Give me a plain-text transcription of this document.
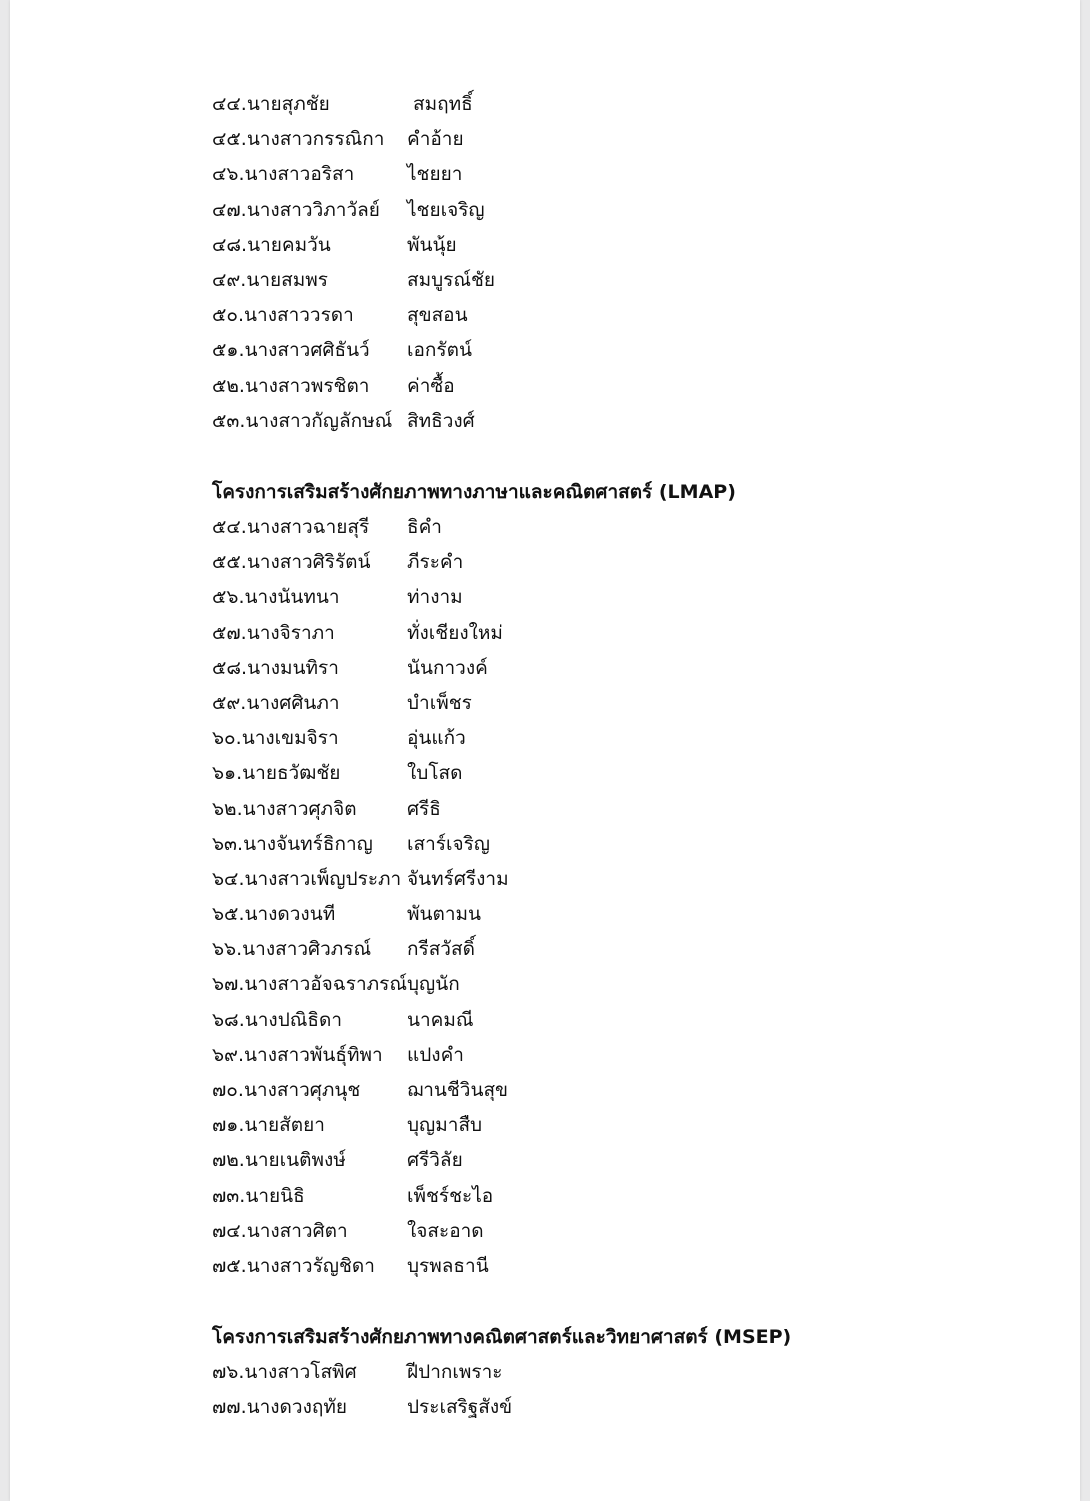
๔๔.นายสุภชัย	สมฤทธิ์
๔๕.นางสาวกรรณิกา คำอ้าย
๔๖.นางสาวอริสา	ไชยยา
๔๗.นางสาววิภาวัลย์ ไชยเจริญ
๔๘.นายคมวัน	พันนุ้ย
๔๙.นายสมพร	สมบูรณ์ชัย
๕๐.นางสาววรดา	สุขสอน
๕๑.นางสาวศศิธันว์ เอกรัตน์
๕๒.นางสาวพรชิตา ค่าซื้อ
๕๓.นางสาวกัญลักษณ์ สิทธิวงศ์
โครงการเสริมสร้างศักยภาพทางภาษาและคณิตศาสตร์ (LMAP)
๕๔.นางสาวฉายสุรี ธิคำ
๕๕.นางสาวศิริรัตน์ ภีระคำ
๕๖.นางนันทนา	ท่างาม
๕๗.นางจิราภา	ทั่งเชียงใหม่
๕๘.นางมนทิรา	นันกาวงค์
๕๙.นางศศินภา	บำเพ็ชร
๖๐.นางเขมจิรา	อุ่นแก้ว
๖๑.นายธวัฒชัย	ใบโสด
๖๒.นางสาวศุภจิต	ศรีธิ
๖๓.นางจันทร์ธิกาญ เสาร์เจริญ
๖๔.นางสาวเพ็ญประภา จันทร์ศรีงาม
๖๕.นางดวงนที	พันตามน
๖๖.นางสาวศิวภรณ์ กรีสวัสดิ์
๖๗.นางสาวอัจฉราภรณ์ บุญนัก
๖๘.นางปณิธิดา	นาคมณี
๖๙.นางสาวพันธุ์ทิพา แปงคำ
๗๐.นางสาวศุภนุช ฌานชีวินสุข
๗๑.นายสัตยา	บุญมาสืบ
๗๒.นายเนติพงษ์	ศรีวิลัย
๗๓.นายนิธิ	เพ็ชร์ชะไอ
๗๔.นางสาวศิตา	ใจสะอาด
๗๕.นางสาวรัญชิดา บุรพลธานี
โครงการเสริมสร้างศักยภาพทางคณิตศาสตร์และวิทยาศาสตร์ (MSEP)
๗๖.นางสาวโสพิศ	ฝีปากเพราะ
๗๗.นางดวงฤทัย	ประเสริฐสังข์
